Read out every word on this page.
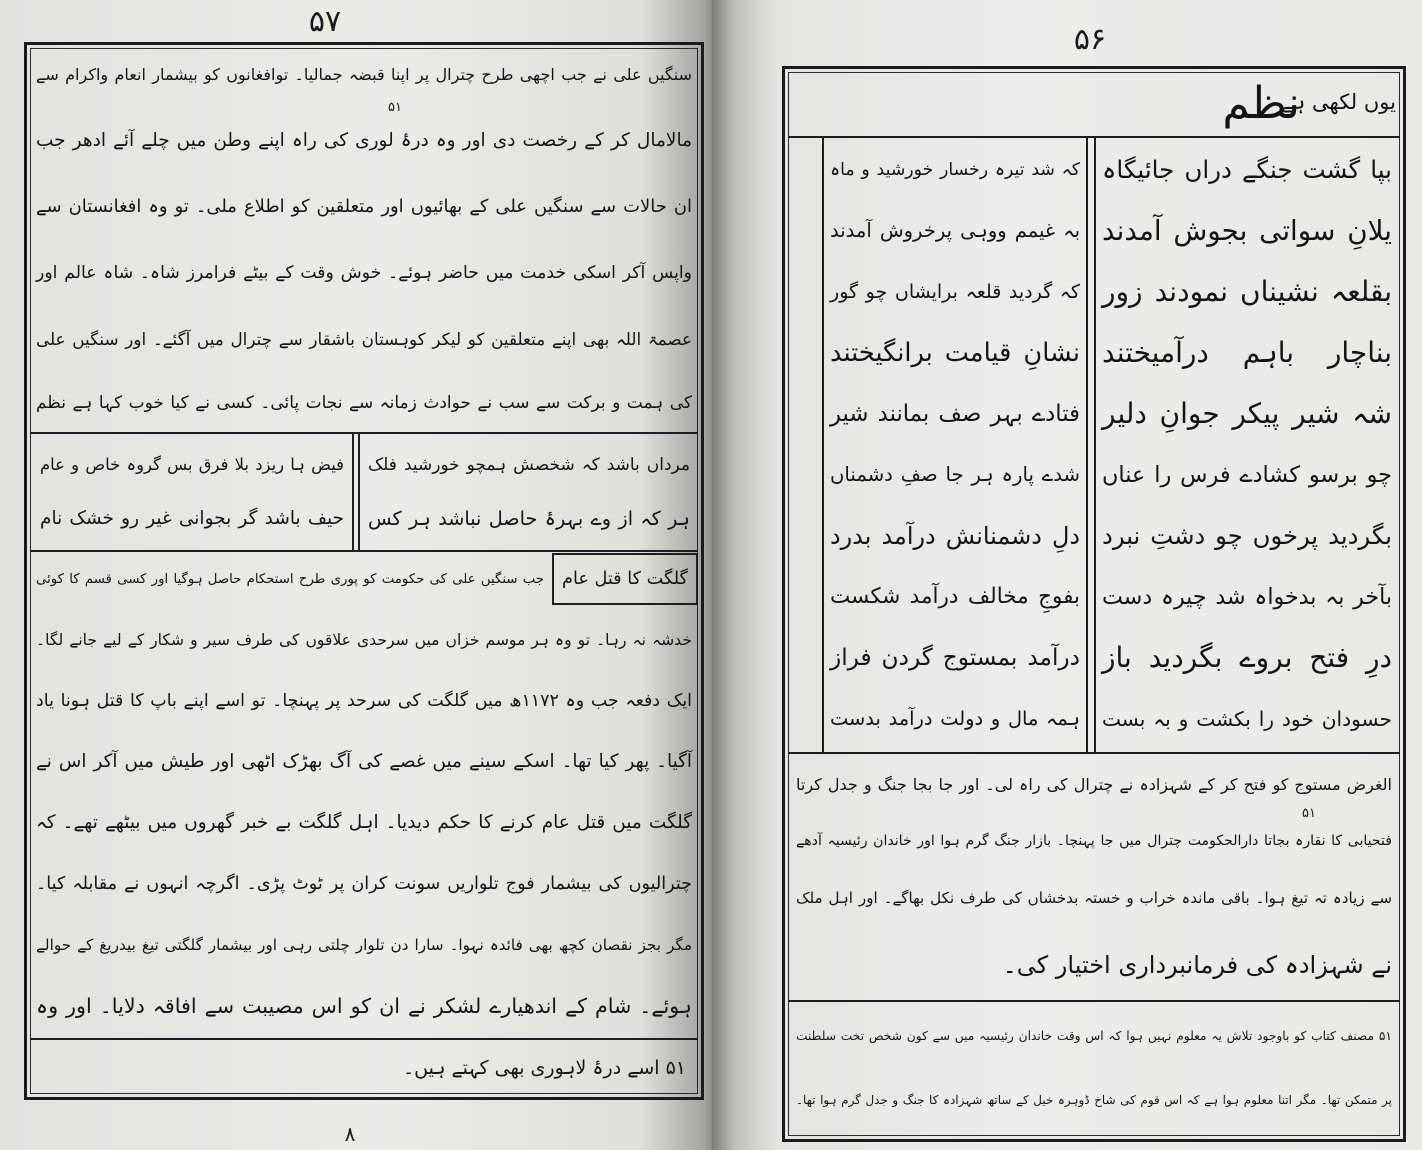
۵۷
سنگیں علی نے جب اچھی طرح چترال پر اپنا قبضہ جمالیا۔ توافغانوں کو بیشمار انعام واکرام سے
مالامال کر کے رخصت دی اور وہ درۂ لوری کی راہ اپنے وطن میں چلے آئے ادھر جب
۵۱
ان حالات سے سنگیں علی کے بھائیوں اور متعلقین کو اطلاع ملی۔ تو وہ افغانستان سے
واپس آکر اسکی خدمت میں حاضر ہوئے۔ خوش وقت کے بیٹے فرامرز شاہ۔ شاہ عالم اور
عصمۃ اللہ بھی اپنے متعلقین کو لیکر کوہستان باشقار سے چترال میں آگئے۔ اور سنگیں علی
کی ہمت و برکت سے سب نے حوادث زمانہ سے نجات پائی۔ کسی نے کیا خوب کہا ہے نظم
مرداں باشد کہ شخصش ہمچو خورشید فلک
فیض ہا ریزد بلا فرق بس گروہ خاص و عام
ہر کہ از وے بہرۂ حاصل نباشد ہر کس
حیف باشد گر بجوانی غیر رو خشک نام
گلگت کا قتل عام
جب سنگیں علی کی حکومت کو پوری طرح استحکام حاصل ہوگیا اور کسی قسم کا کوئی
خدشہ نہ رہا۔ تو وہ ہر موسم خزاں میں سرحدی علاقوں کی طرف سیر و شکار کے لیے جانے لگا۔
ایک دفعہ جب وہ ۱۱۷۲ھ میں گلگت کی سرحد پر پہنچا۔ تو اسے اپنے باپ کا قتل ہونا یاد
آگیا۔ پھر کیا تھا۔ اسکے سینے میں غصے کی آگ بھڑک اٹھی اور طیش میں آکر اس نے
گلگت میں قتل عام کرنے کا حکم دیدیا۔ اہل گلگت بے خبر گھروں میں بیٹھے تھے۔ کہ
چترالیوں کی بیشمار فوج تلواریں سونت کران پر ٹوٹ پڑی۔ اگرچہ انہوں نے مقابلہ کیا۔
مگر بجز نقصان کچھ بھی فائدہ نہوا۔ سارا دن تلوار چلتی رہی اور بیشمار گلگتی تیغ بیدریغ کے حوالے
ہوئے۔ شام کے اندھیارے لشکر نے ان کو اس مصیبت سے افاقہ دلایا۔ اور وہ
۵۱ اسے درۂ لاہوری بھی کہتے ہیں۔
۸
۵۶
یوں لکھی ہے
نظم
بپا گشت جنگے دراں جائیگاہ
کہ شد تیرہ رخسار خورشید و ماہ
یلانِ سواتی بجوش آمدند
بہ غیمم ووہی پرخروش آمدند
بقلعہ نشیناں نمودند زور
کہ گردید قلعہ برایشاں چو گور
بناچار باہم درآمیختند
نشانِ قیامت برانگیختند
شہ شیر پیکر جوانِ دلیر
فتادے بہر صف بمانند شیر
چو برسو کشادے فرس را عناں
شدے پارہ ہر جا صفِ دشمناں
بگردید پرخوں چو دشتِ نبرد
دلِ دشمنانش درآمد بدرد
بآخر بہ بدخواہ شد چیرہ دست
بفوجِ مخالف درآمد شکست
درِ فتح بروے بگردید باز
درآمد بمستوج گردن فراز
حسودان خود را بکشت و بہ بست
ہمہ مال و دولت درآمد بدست
الغرض مستوج کو فتح کر کے شہزادہ نے چترال کی راہ لی۔ اور جا بجا جنگ و جدل کرتا
فتحیابی کا نقارہ بجاتا دارالحکومت چترال میں جا پہنچا۔ بازار جنگ گرم ہوا اور خاندان رئیسیہ آدھے
۵۱
سے زیادہ تہ تیغ ہوا۔ باقی ماندہ خراب و خستہ بدخشاں کی طرف نکل بھاگے۔ اور اہل ملک
نے شہزادہ کی فرمانبرداری اختیار کی۔
۵۱ مصنف کتاب کو باوجود تلاش یہ معلوم نہیں ہوا کہ اس وقت خاندان رئیسیہ میں سے کون شخص تخت سلطنت
پر متمکن تھا۔ مگر اتنا معلوم ہوا ہے کہ اس قوم کی شاخ ڈوہرہ خیل کے ساتھ شہزادہ کا جنگ و جدل گرم ہوا تھا۔
